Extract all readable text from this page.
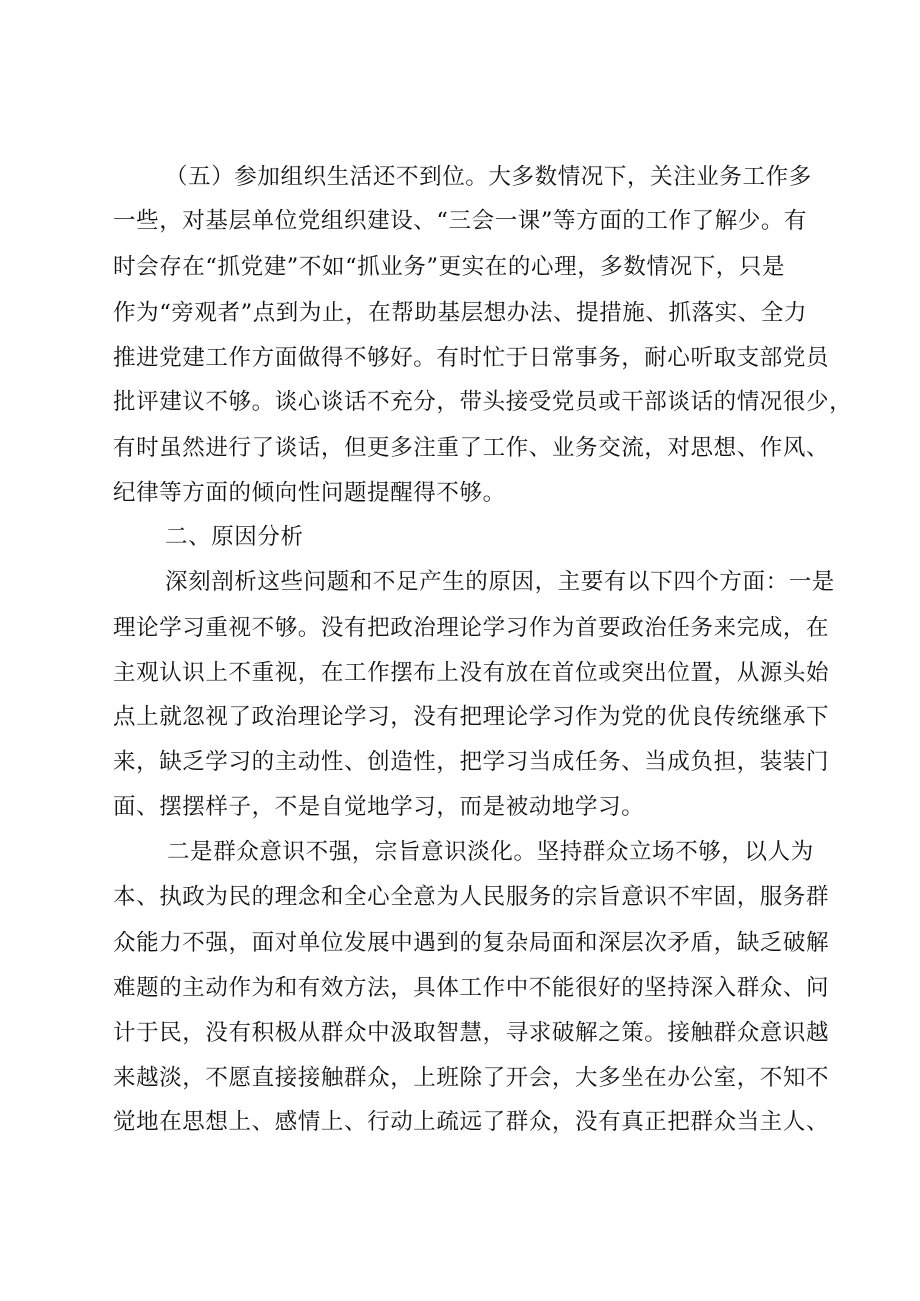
（五）参加组织生活还不到位。大多数情况下，关注业务工作多
一些，对基层单位党组织建设、“三会一课”等方面的工作了解少。有
时会存在“抓党建”不如“抓业务”更实在的心理，多数情况下，只是
作为“旁观者”点到为止，在帮助基层想办法、提措施、抓落实、全力
推进党建工作方面做得不够好。有时忙于日常事务，耐心听取支部党员
批评建议不够。谈心谈话不充分，带头接受党员或干部谈话的情况很少，
有时虽然进行了谈话，但更多注重了工作、业务交流，对思想、作风、
纪律等方面的倾向性问题提醒得不够。
二、原因分析
深刻剖析这些问题和不足产生的原因，主要有以下四个方面：一是
理论学习重视不够。没有把政治理论学习作为首要政治任务来完成，在
主观认识上不重视，在工作摆布上没有放在首位或突出位置，从源头始
点上就忽视了政治理论学习，没有把理论学习作为党的优良传统继承下
来，缺乏学习的主动性、创造性，把学习当成任务、当成负担，装装门
面、摆摆样子，不是自觉地学习，而是被动地学习。
二是群众意识不强，宗旨意识淡化。坚持群众立场不够，以人为
本、执政为民的理念和全心全意为人民服务的宗旨意识不牢固，服务群
众能力不强，面对单位发展中遇到的复杂局面和深层次矛盾，缺乏破解
难题的主动作为和有效方法，具体工作中不能很好的坚持深入群众、问
计于民，没有积极从群众中汲取智慧，寻求破解之策。接触群众意识越
来越淡，不愿直接接触群众，上班除了开会，大多坐在办公室，不知不
觉地在思想上、感情上、行动上疏远了群众，没有真正把群众当主人、
